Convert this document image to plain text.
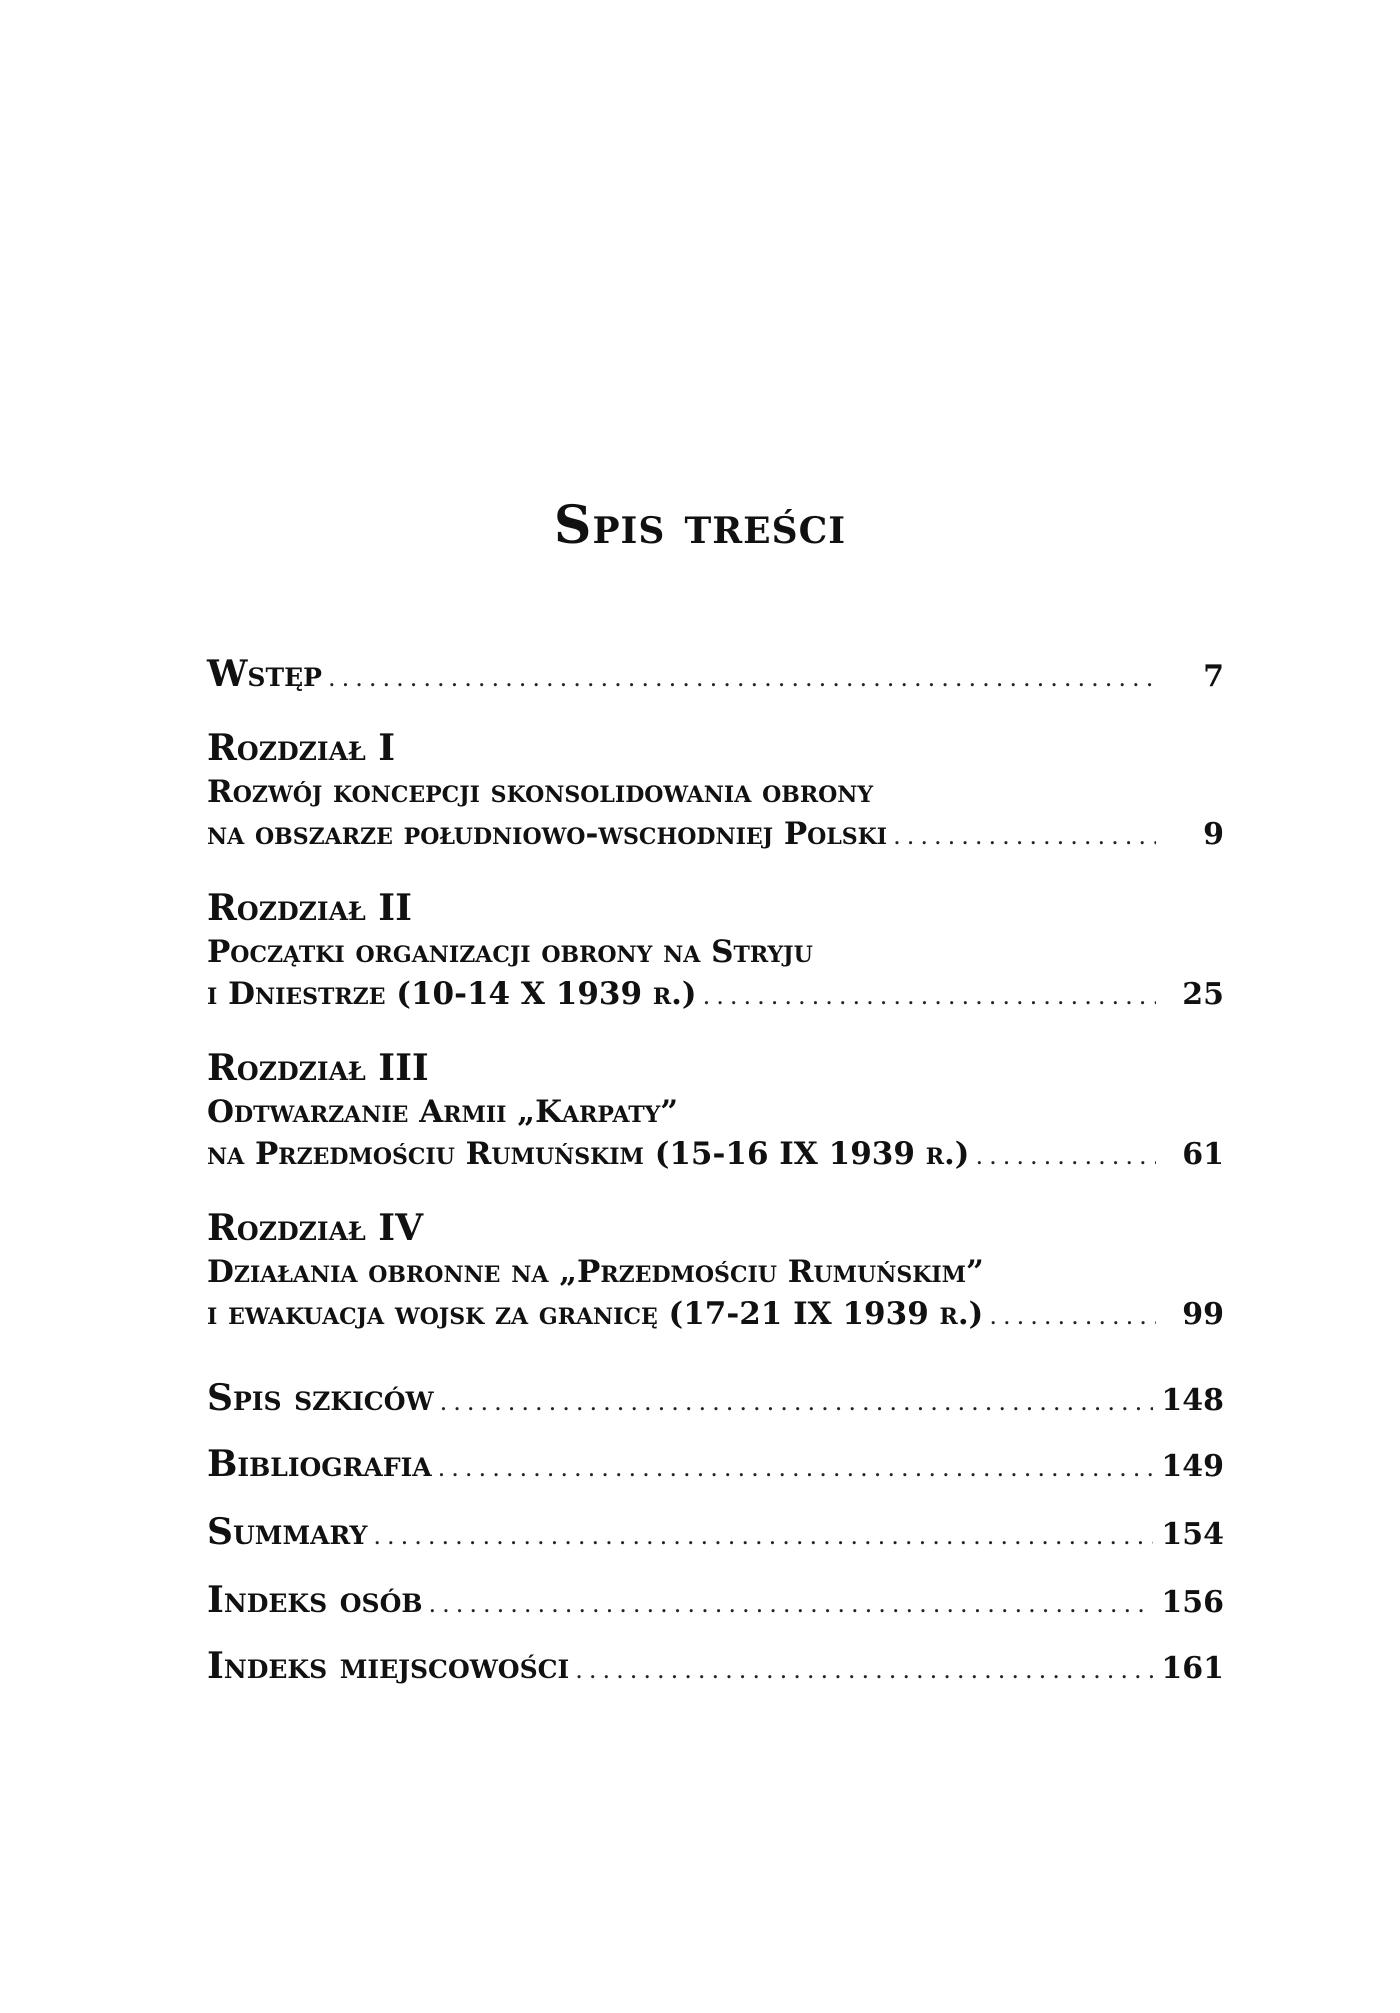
Spis treści
Wstęp .....	7
Rozdział I
Rozwój koncepcji skonsolidowania obrony
na obszarze południowo-wschodniej Polski .....	9
Rozdział II
Początki organizacji obrony na Stryju
i Dniestrze (10-14 X 1939 r.) .....	25
Rozdział III
Odtwarzanie Armii „Karpaty”
na Przedmościu Rumuńskim (15-16 IX 1939 r.) .....	61
Rozdział IV
Działania obronne na „Przedmościu Rumuńskim”
i ewakuacja wojsk za granicę (17-21 IX 1939 r.) .....	99
Spis szkiców .....	148
Bibliografia .....	149
Summary .....	154
Indeks osób .....	156
Indeks miejscowości .....	161
